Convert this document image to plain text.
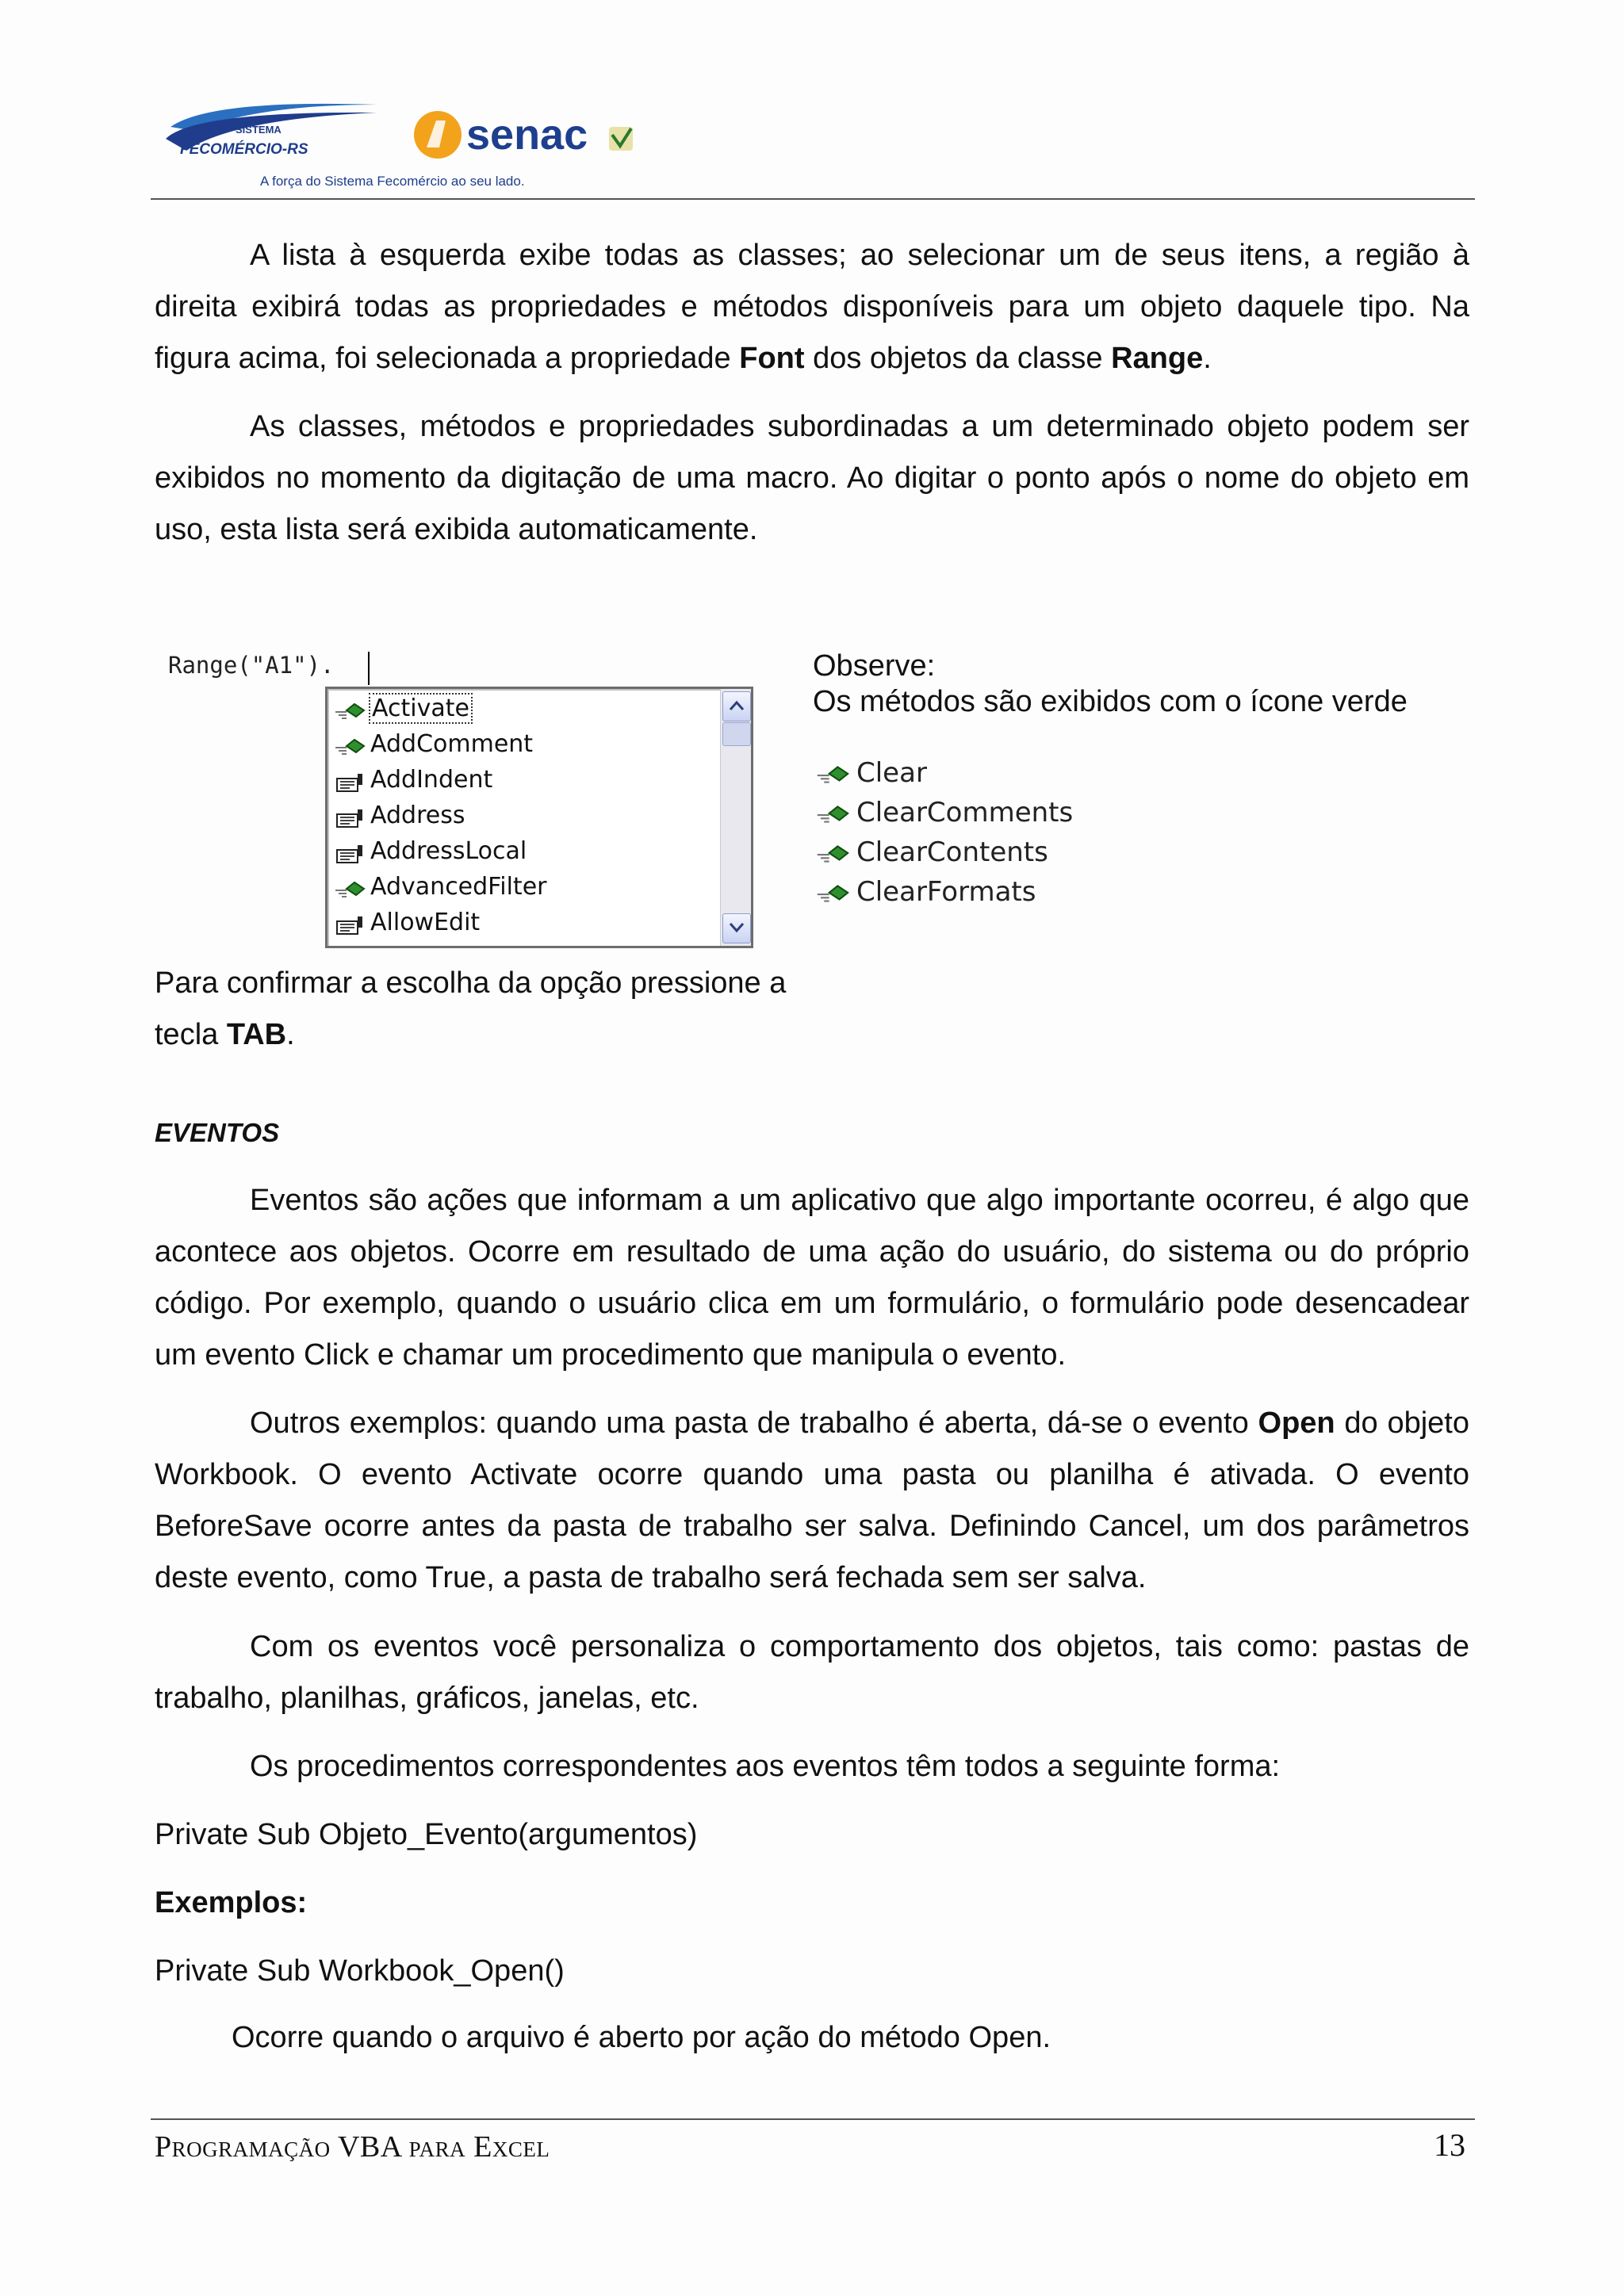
SISTEMA
FECOMÉRCIO-RS	senac
A força do Sistema Fecomércio ao seu lado.
A lista à esquerda exibe todas as classes; ao selecionar um de seus itens, a região à direita exibirá todas as propriedades e métodos disponíveis para um objeto daquele tipo. Na figura acima, foi selecionada a propriedade Font dos objetos da classe Range.
As classes, métodos e propriedades subordinadas a um determinado objeto podem ser exibidos no momento da digitação de uma macro. Ao digitar o ponto após o nome do objeto em uso, esta lista será exibida automaticamente.
Range("A1").
Activate
AddComment
AddIndent
Address
AddressLocal
AdvancedFilter
AllowEdit
Observe:
Os métodos são exibidos com o ícone verde
Clear
ClearComments
ClearContents
ClearFormats
Para confirmar a escolha da opção pressione a
tecla TAB.
EVENTOS
Eventos são ações que informam a um aplicativo que algo importante ocorreu, é algo que acontece aos objetos. Ocorre em resultado de uma ação do usuário, do sistema ou do próprio código. Por exemplo, quando o usuário clica em um formulário, o formulário pode desencadear um evento Click e chamar um procedimento que manipula o evento.
Outros exemplos: quando uma pasta de trabalho é aberta, dá-se o evento Open do objeto Workbook. O evento Activate ocorre quando uma pasta ou planilha é ativada. O evento BeforeSave ocorre antes da pasta de trabalho ser salva. Definindo Cancel, um dos parâmetros deste evento, como True, a pasta de trabalho será fechada sem ser salva.
Com os eventos você personaliza o comportamento dos objetos, tais como: pastas de trabalho, planilhas, gráficos, janelas, etc.
Os procedimentos correspondentes aos eventos têm todos a seguinte forma:
Private Sub Objeto_Evento(argumentos)
Exemplos:
Private Sub Workbook_Open()
Ocorre quando o arquivo é aberto por ação do método Open.
Programação VBA para Excel	13
